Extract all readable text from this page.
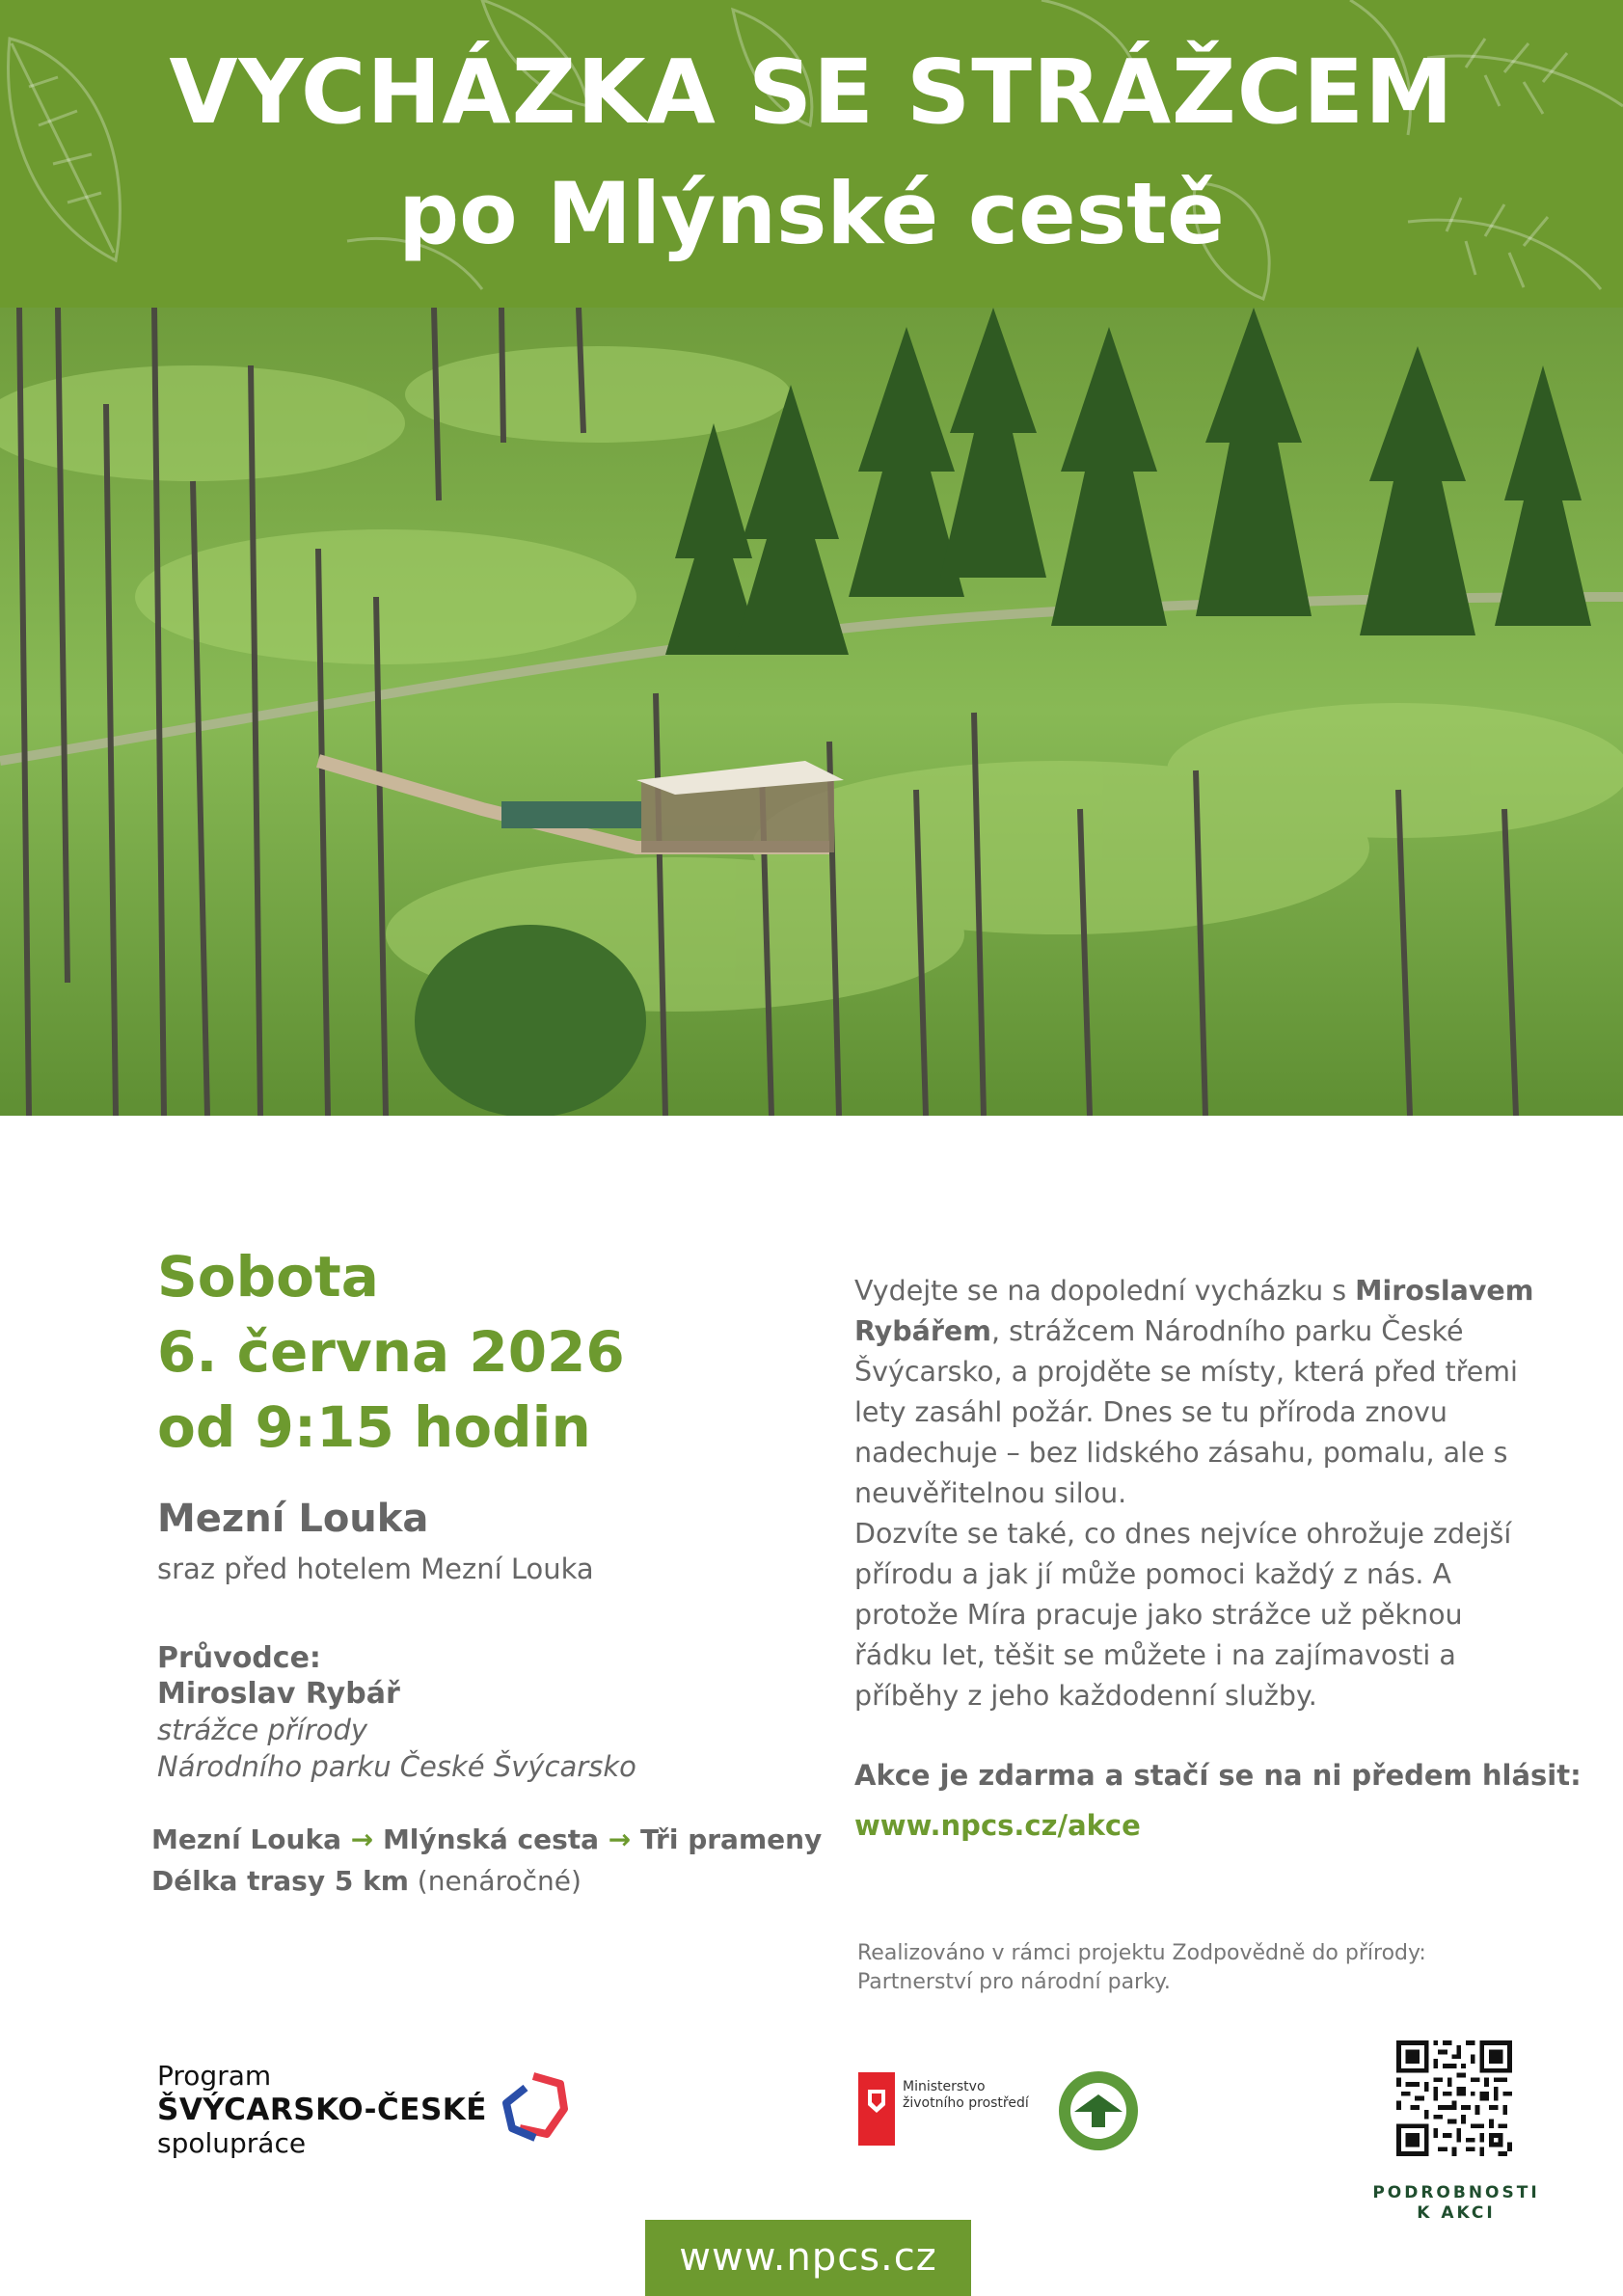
VYCHÁZKA SE STRÁŽCEM
po Mlýnské cestě
Sobota
6. června 2026
od 9:15 hodin
Mezní Louka
sraz před hotelem Mezní Louka
Průvodce:
Miroslav Rybář
strážce přírody
Národního parku České Švýcarsko
Mezní Louka → Mlýnská cesta → Tři prameny
Délka trasy 5 km (nenáročné)

Vydejte se na dopolední vycházku s Miroslavem Rybářem, strážcem Národního parku České Švýcarsko, a projděte se místy, která před třemi lety zasáhl požár. Dnes se tu příroda znovu nadechuje – bez lidského zásahu, pomalu, ale s neuvěřitelnou silou.

Dozvíte se také, co dnes nejvíce ohrožuje zdejší přírodu a jak jí může pomoci každý z nás. A protože Míra pracuje jako strážce už pěknou řádku let, těšit se můžete i na zajímavosti a příběhy z jeho každodenní služby.

Akce je zdarma a stačí se na ni předem hlásit:
www.npcs.cz/akce
Realizováno v rámci projektu Zodpovědně do přírody:
Partnerství pro národní parky.
Program
ŠVÝCARSKO-ČESKÉ
spolupráce
Ministerstvo
životního prostředí
PODROBNOSTI
K AKCI
www.npcs.cz
